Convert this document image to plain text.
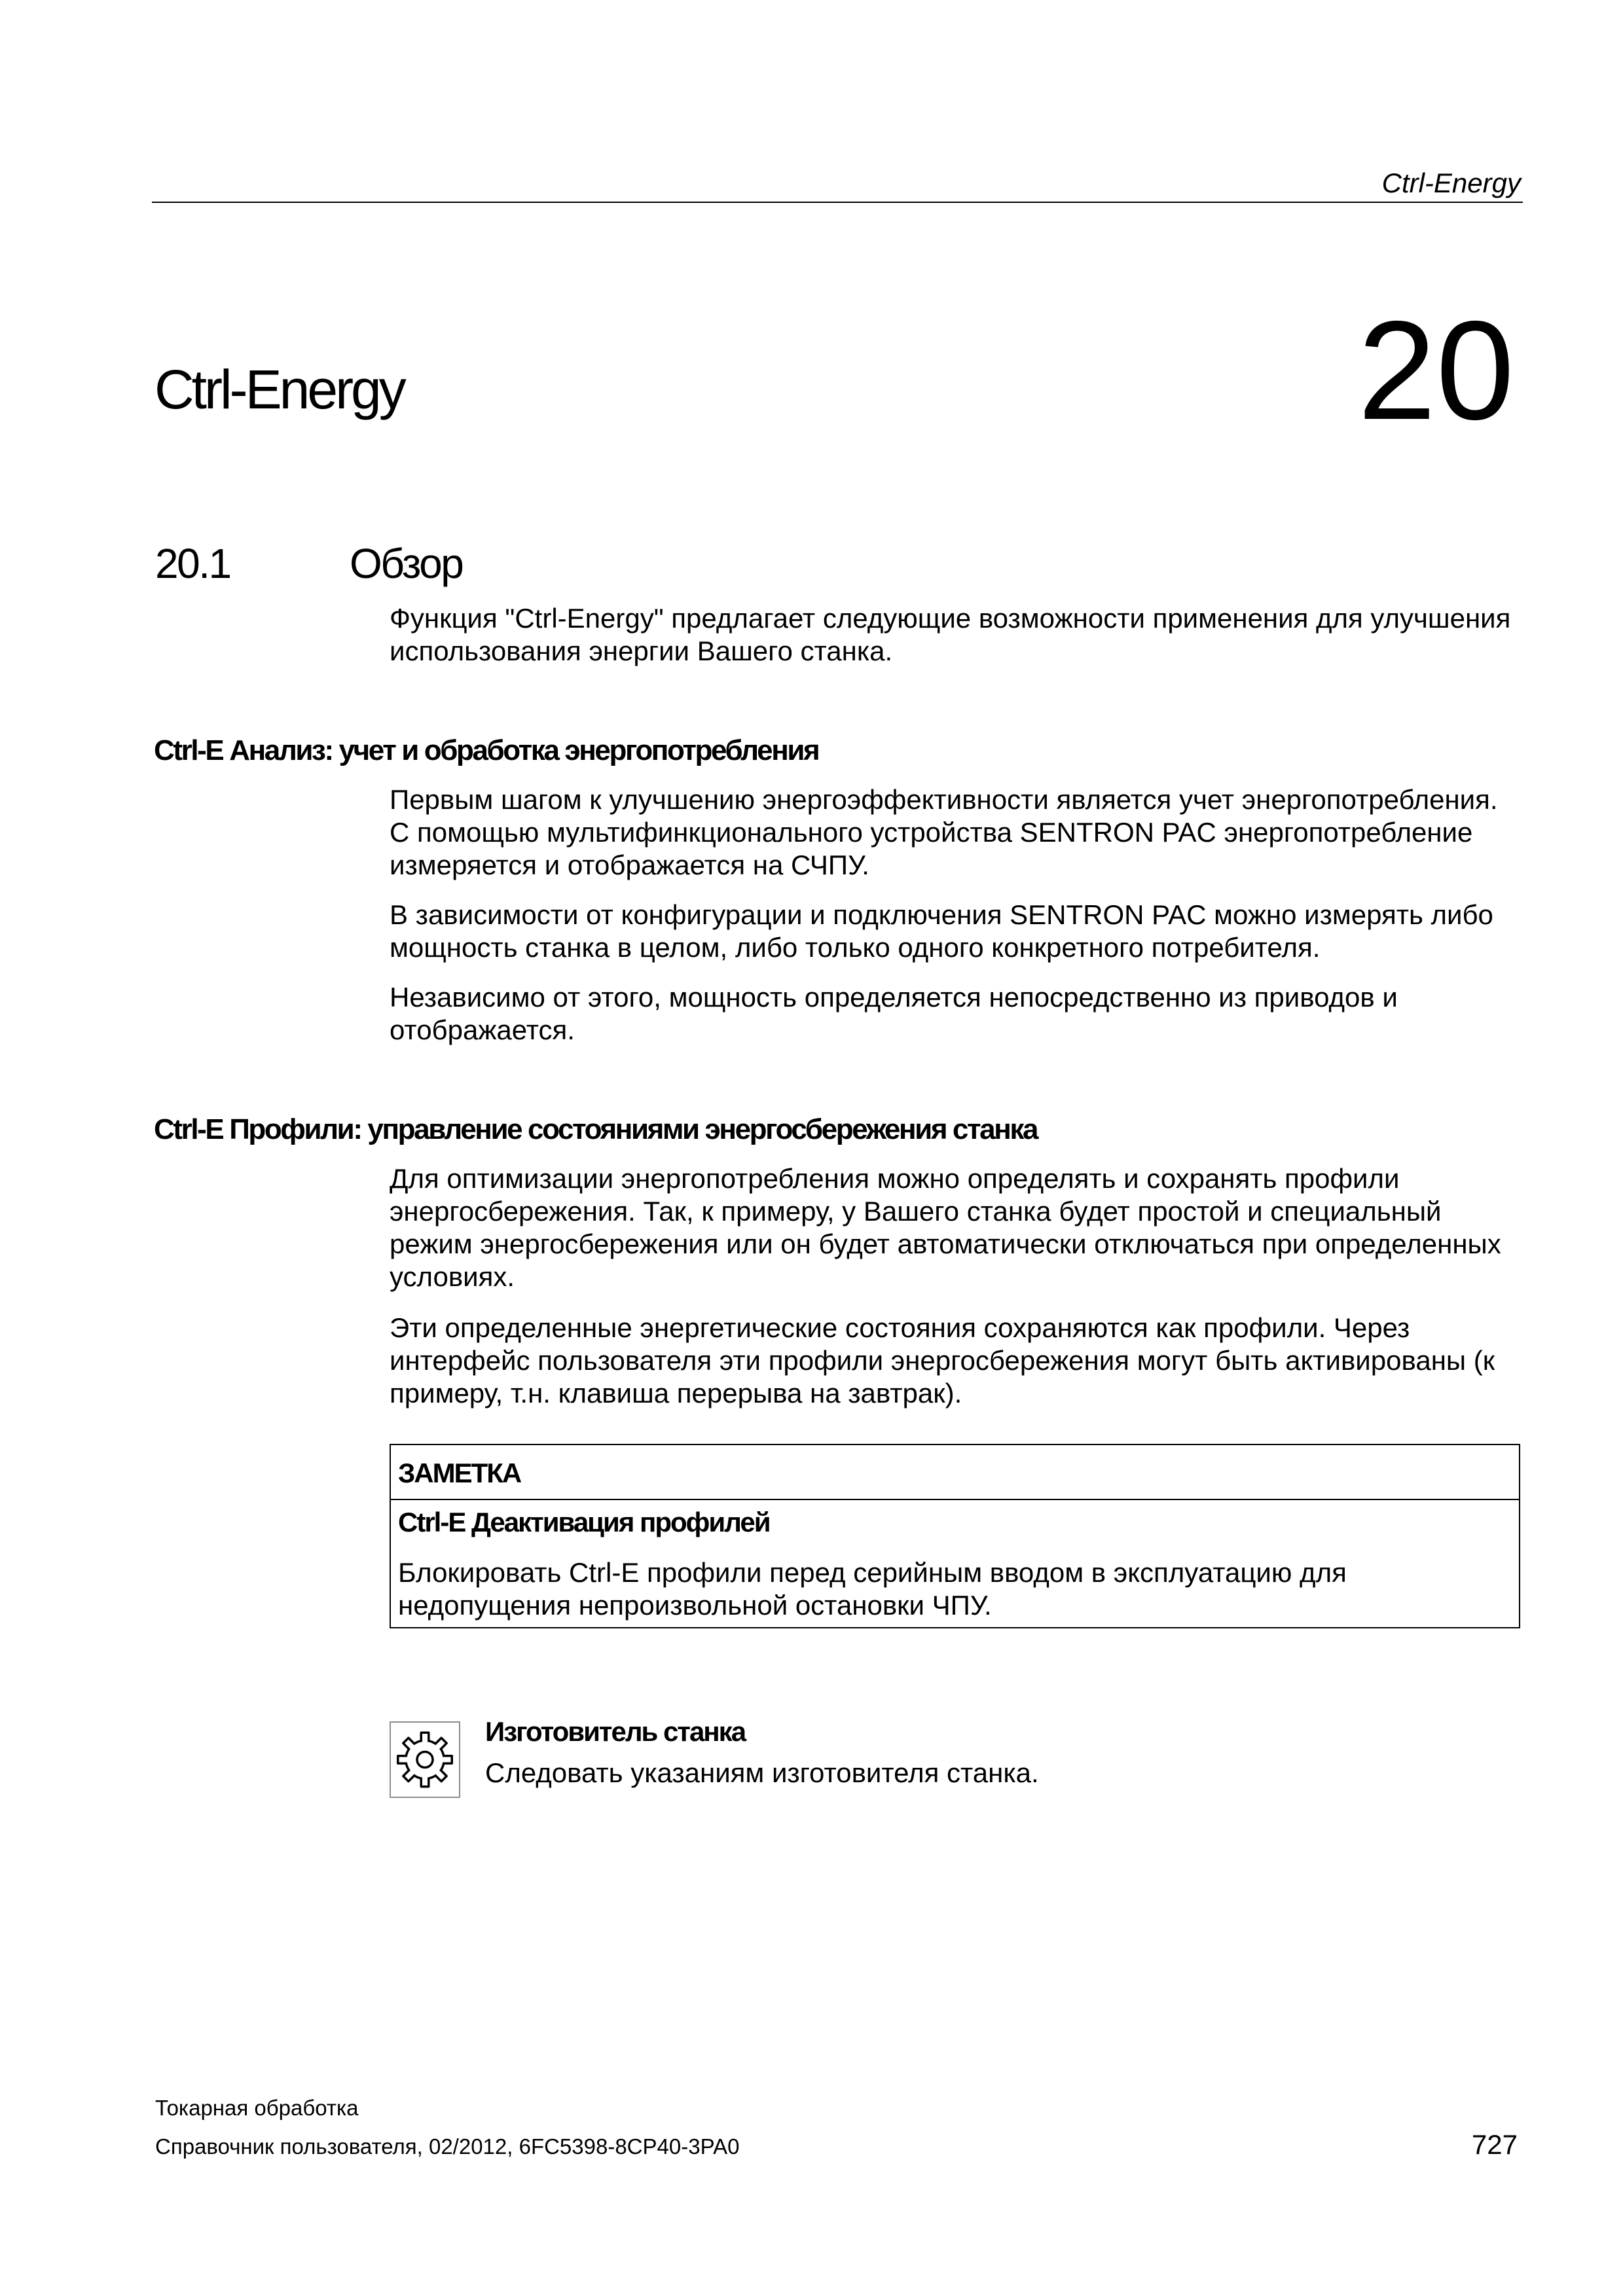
Ctrl-Energy
Ctrl-Energy	20
20.1	Обзор

Функция "Ctrl-Energy" предлагает следующие возможности применения для улучшения
использования энергии Вашего станка.

Ctrl-E Анализ: учет и обработка энергопотребления

Первым шагом к улучшению энергоэффективности является учет энергопотребления.
С помощью мультифинкционального устройства SENTRON PAC энергопотребление
измеряется и отображается на СЧПУ.

В зависимости от конфигурации и подключения SENTRON PAC можно измерять либо
мощность станка в целом, либо только одного конкретного потребителя.

Независимо от этого, мощность определяется непосредственно из приводов и
отображается.

Ctrl-E Профили: управление состояниями энергосбережения станка

Для оптимизации энергопотребления можно определять и сохранять профили
энергосбережения. Так, к примеру, у Вашего станка будет простой и специальный
режим энергосбережения или он будет автоматически отключаться при определенных
условиях.

Эти определенные энергетические состояния сохраняются как профили. Через
интерфейс пользователя эти профили энергосбережения могут быть активированы (к
примеру, т.н. клавиша перерыва на завтрак).

ЗАМЕТКА
Ctrl-E Деактивация профилей
Блокировать Ctrl-E профили перед серийным вводом в эксплуатацию для
недопущения непроизвольной остановки ЧПУ.
Изготовитель станка
Следовать указаниям изготовителя станка.
Токарная обработка
Справочник пользователя, 02/2012, 6FC5398-8CP40-3PA0	727
